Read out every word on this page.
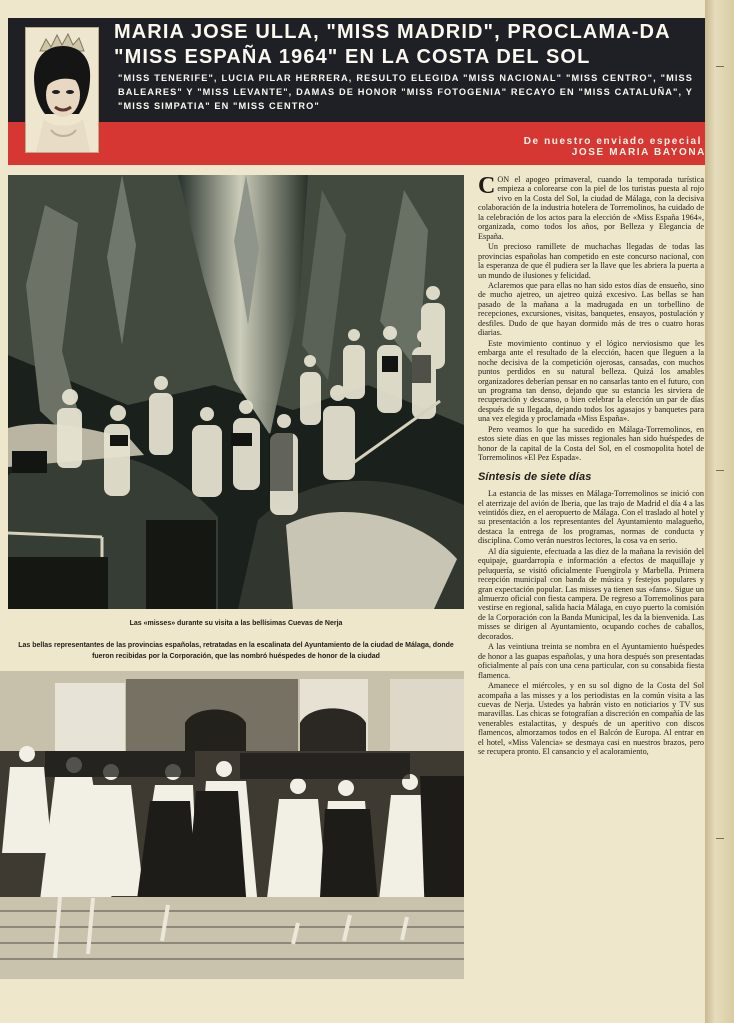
MARIA JOSE ULLA, "MISS MADRID", PROCLAMA-DA "MISS ESPAÑA 1964" EN LA COSTA DEL SOL

"MISS TENERIFE", LUCIA PILAR HERRERA, RESULTO ELEGIDA "MISS NACIONAL" "MISS CENTRO", "MISS BALEARES" Y "MISS LEVANTE", DAMAS DE HONOR "MISS FOTOGENIA" RECAYO EN "MISS CATALUÑA", Y "MISS SIMPATIA" EN "MISS CENTRO"

De nuestro enviado especial
JOSE MARIA BAYONA

Las «misses» durante su visita a las bellísimas Cuevas de Nerja

Las bellas representantes de las provincias españolas, retratadas en la escalinata del Ayuntamiento de la ciudad de Málaga, donde fueron recibidas por la Corporación, que las nombró huéspedes de honor de la ciudad

CON el apogeo primaveral, cuando la temporada turística empieza a colorearse con la piel de los turistas puesta al rojo vivo en la Costa del Sol, la ciudad de Málaga, con la decisiva colaboración de la industria hotelera de Torremolinos, ha cuidado de la celebración de los actos para la elección de «Miss España 1964», organizada, como todos los años, por Belleza y Elegancia de España.

Un precioso ramillete de muchachas llegadas de todas las provincias españolas han competido en este concurso nacional, con la esperanza de que él pudiera ser la llave que les abriera la puerta a un mundo de ilusiones y felicidad.

Aclaremos que para ellas no han sido estos días de ensueño, sino de mucho ajetreo, un ajetreo quizá excesivo. Las bellas se han pasado de la mañana a la madrugada en un torbellino de recepciones, excursiones, visitas, banquetes, ensayos, postulación y desfiles. Dudo de que hayan dormido más de tres o cuatro horas diarias.

Este movimiento continuo y el lógico nerviosismo que les embarga ante el resultado de la elección, hacen que lleguen a la noche decisiva de la competición ojerosas, cansadas, con muchos puntos perdidos en su natural belleza. Quizá los amables organizadores deberían pensar en no cansarlas tanto en el futuro, con un programa tan denso, dejando que su estancia les sirviera de recuperación y descanso, o bien celebrar la elección un par de días después de su llegada, dejando todos los agasajos y banquetes para una vez elegida y proclamada «Miss España».

Pero veamos lo que ha sucedido en Málaga-Torremolinos, en estos siete días en que las misses regionales han sido huéspedes de honor de la capital de la Costa del Sol, en el cosmopolita hotel de Torremolinos «El Pez Espada».

Síntesis de siete días

La estancia de las misses en Málaga-Torremolinos se inició con el aterrizaje del avión de Iberia, que las trajo de Madrid el día 4 a las veintidós diez, en el aeropuerto de Málaga. Con el traslado al hotel y su presentación a los representantes del Ayuntamiento malagueño, destaca la entrega de los programas, normas de conducta y disciplina. Como verán nuestros lectores, la cosa va en serio.

Al día siguiente, efectuada a las diez de la mañana la revisión del equipaje, guardarropía e información a efectos de maquillaje y peluquería, se visitó oficialmente Fuengirola y Marbella. Primera recepción municipal con banda de música y festejos populares y gran expectación popular. Las misses ya tienen sus «fans». Sigue un almuerzo oficial con fiesta campera. De regreso a Torremolinos para vestirse en regional, salida hacia Málaga, en cuyo puerto la comisión de la Corporación con la Banda Municipal, les da la bienvenida. Las misses se dirigen al Ayuntamiento, ocupando coches de caballos, decorados.

A las veintiuna treinta se nombra en el Ayuntamiento huéspedes de honor a las guapas españolas, y una hora después son presentadas oficialmente al país con una cena particular, con su consabida fiesta flamenca.

Amanece el miércoles, y en su sol digno de la Costa del Sol acompaña a las misses y a los periodistas en la común visita a las cuevas de Nerja. Ustedes ya habrán visto en noticiarios y TV sus maravillas. Las chicas se fotografían a discreción en compañía de las venerables estalactitas, y después de un aperitivo con discos flamencos, almorzamos todos en el Balcón de Europa. Al entrar en el hotel, «Miss Valencia» se desmaya casi en nuestros brazos, pero se recupera pronto. El cansancio y el acaloramiento,
